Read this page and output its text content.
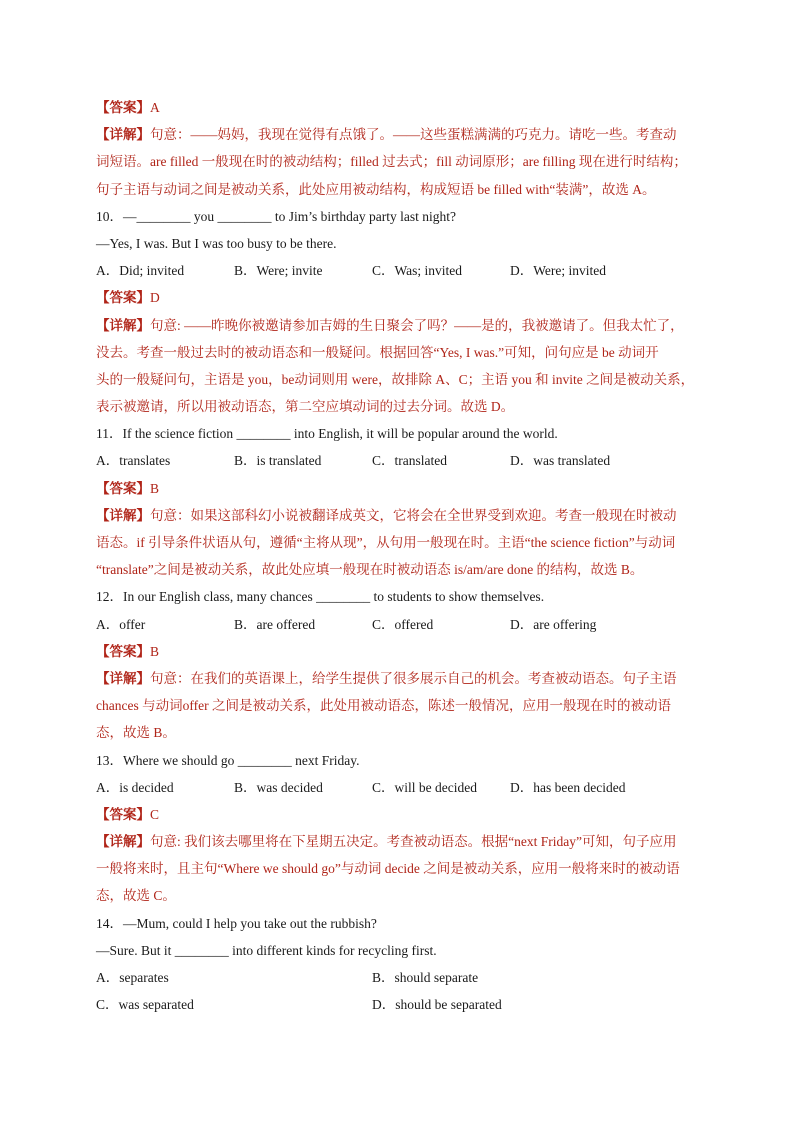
【答案】A
【详解】句意：——妈妈，我现在觉得有点饿了。——这些蛋糕满满的巧克力。请吃一些。考查动
词短语。are filled 一般现在时的被动结构；filled 过去式；fill 动词原形；are filling 现在进行时结构；
句子主语与动词之间是被动关系，此处应用被动结构，构成短语 be filled with“装满”，故选 A。
10．—________ you ________ to Jim’s birthday party last night?
—Yes, I was. But I was too busy to be there.
A．Did; invited	B．Were; invite	C．Was; invited	D．Were; invited
【答案】D
【详解】句意: ——昨晚你被邀请参加吉姆的生日聚会了吗？——是的，我被邀请了。但我太忙了，
没去。考查一般过去时的被动语态和一般疑问。根据回答“Yes, I was.”可知，问句应是 be 动词开
头的一般疑问句，主语是 you，be动词则用 were，故排除 A、C；主语 you 和 invite 之间是被动关系，
表示被邀请，所以用被动语态，第二空应填动词的过去分词。故选 D。
11．If the science fiction ________ into English, it will be popular around the world.
A．translates	B．is translated	C．translated	D．was translated
【答案】B
【详解】句意：如果这部科幻小说被翻译成英文，它将会在全世界受到欢迎。考查一般现在时被动
语态。if 引导条件状语从句，遵循“主将从现”，从句用一般现在时。主语“the science fiction”与动词
“translate”之间是被动关系，故此处应填一般现在时被动语态 is/am/are done 的结构，故选 B。
12．In our English class, many chances ________ to students to show themselves.
A．offer	B．are offered	C．offered	D．are offering
【答案】B
【详解】句意：在我们的英语课上，给学生提供了很多展示自己的机会。考查被动语态。句子主语
chances 与动词offer 之间是被动关系，此处用被动语态，陈述一般情况，应用一般现在时的被动语
态，故选 B。
13．Where we should go ________ next Friday.
A．is decided	B．was decided	C．will be decided	D．has been decided
【答案】C
【详解】句意: 我们该去哪里将在下星期五决定。考查被动语态。根据“next Friday”可知，句子应用
一般将来时，且主句“Where we should go”与动词 decide 之间是被动关系，应用一般将来时的被动语
态，故选 C。
14．—Mum, could I help you take out the rubbish?
—Sure. But it ________ into different kinds for recycling first.
A．separates	B．should separate
C．was separated	D．should be separated
